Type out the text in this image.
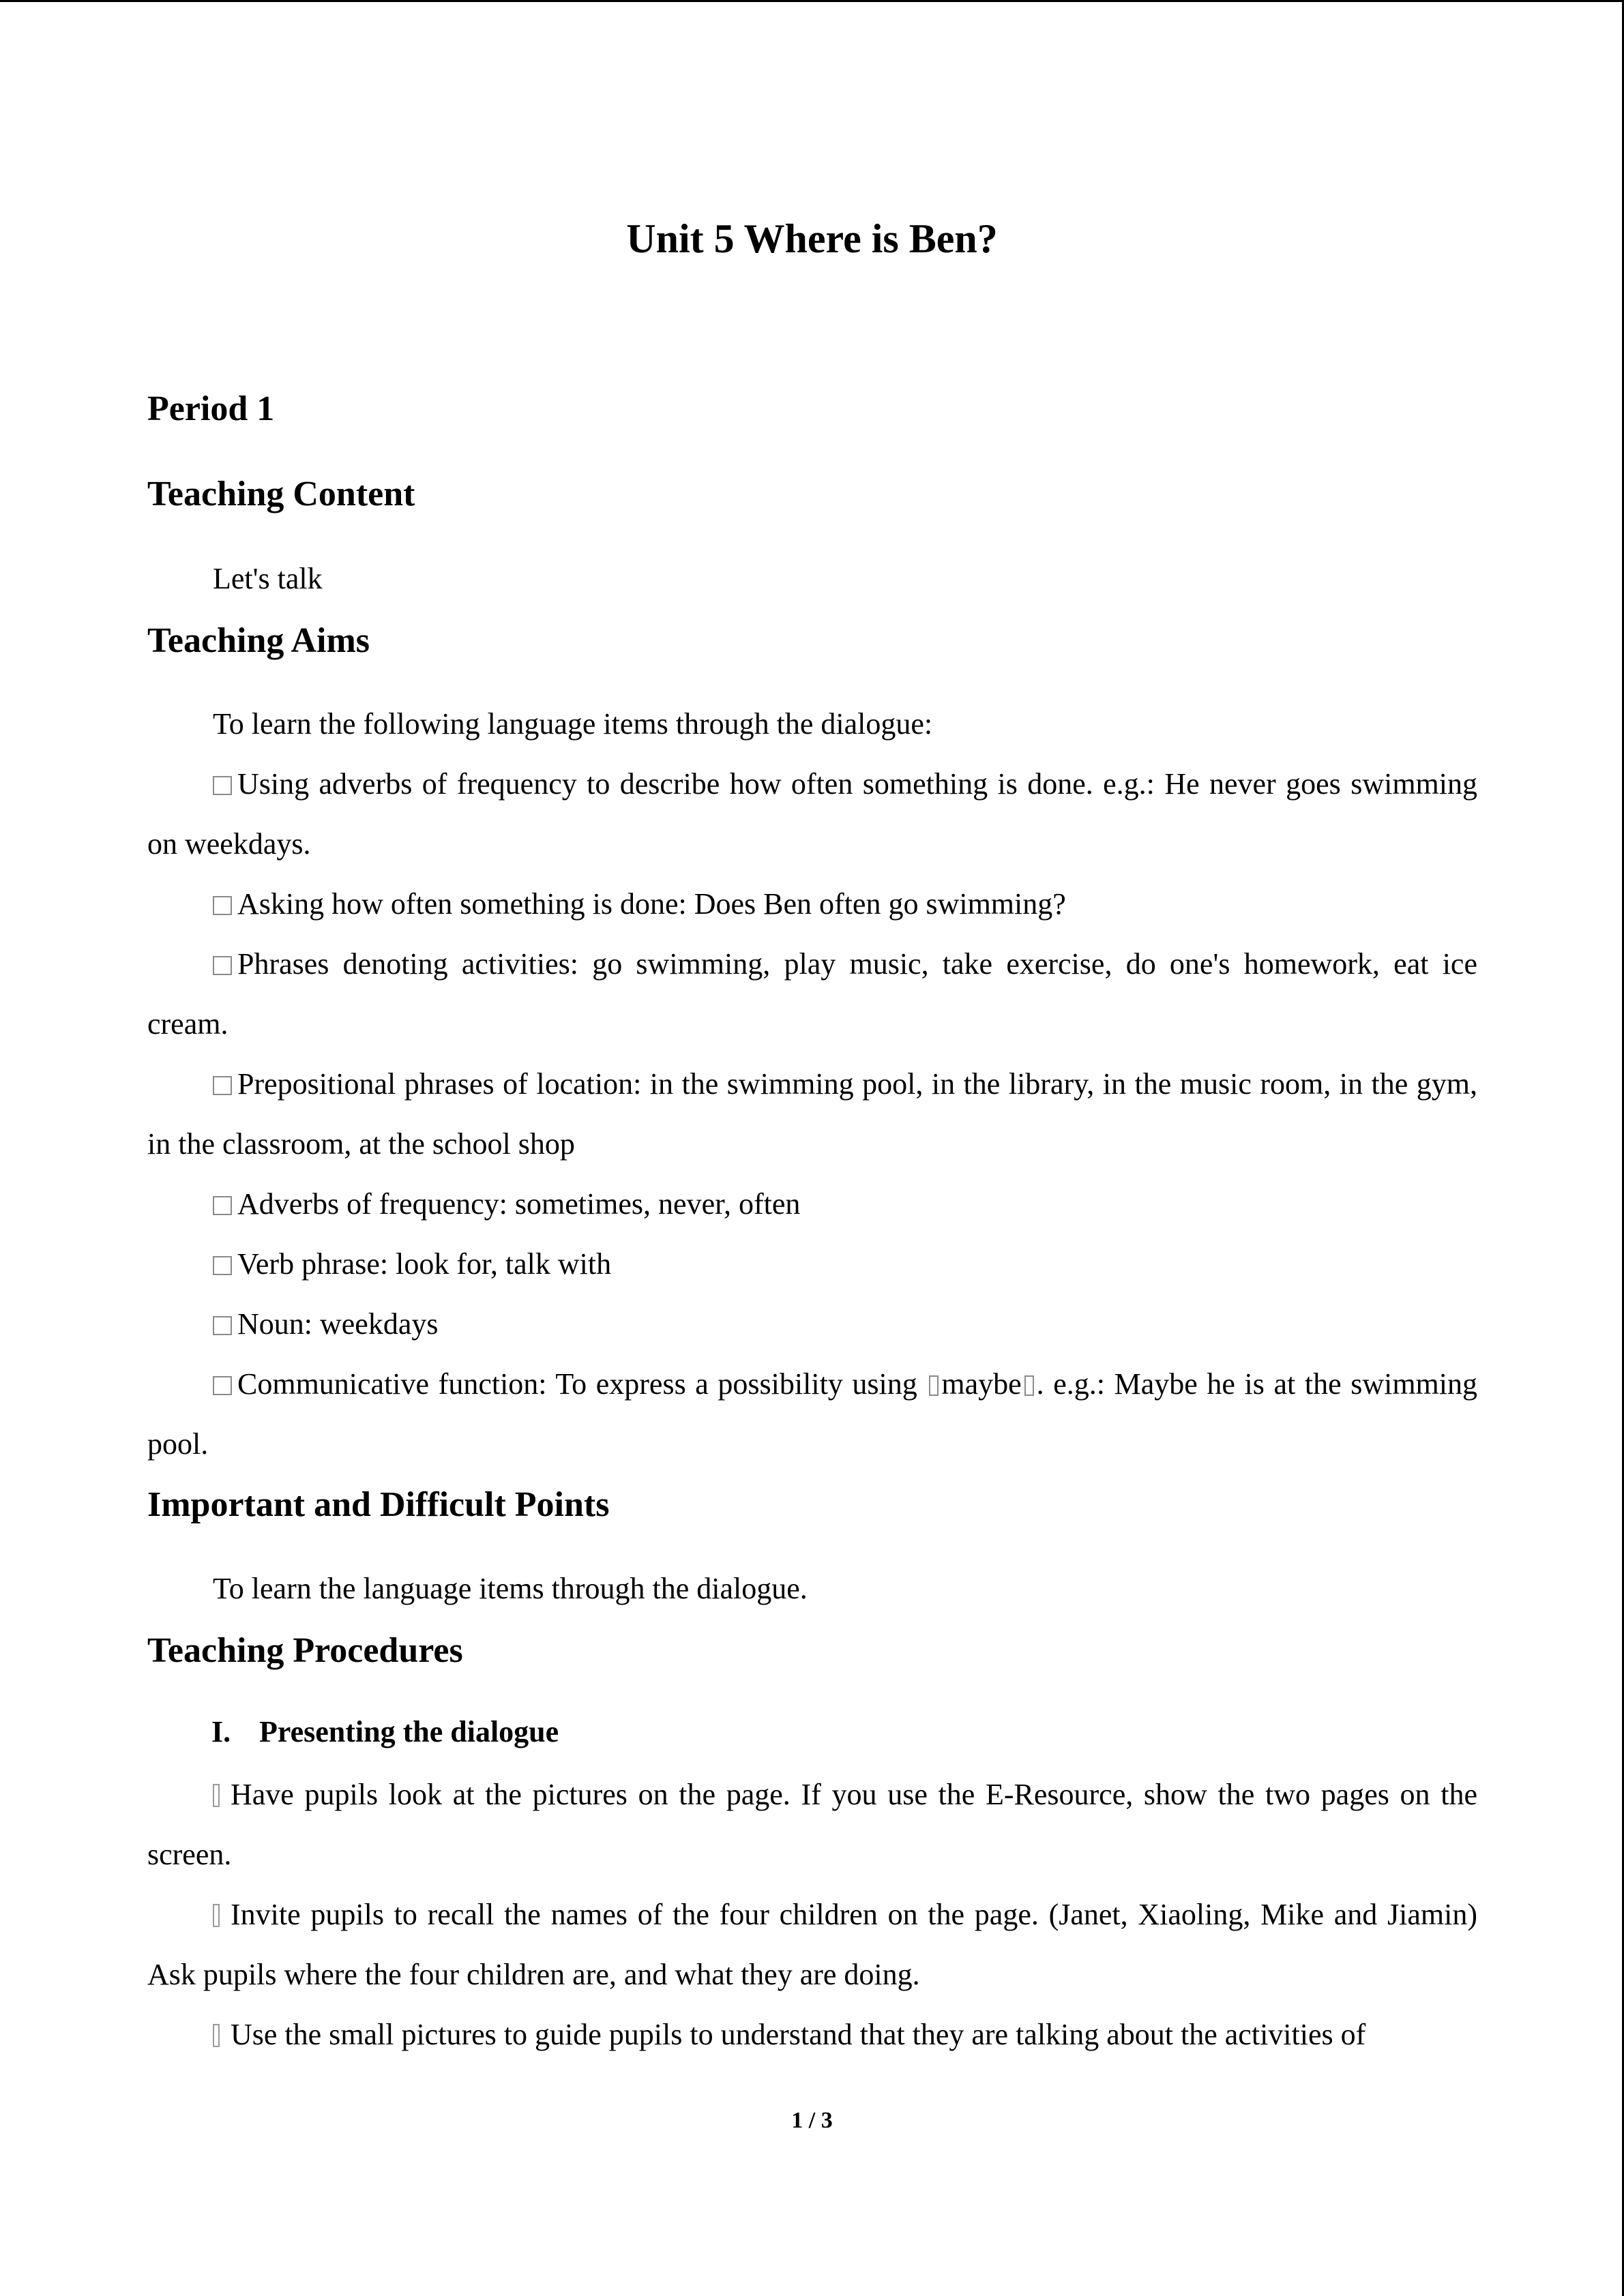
Unit 5 Where is Ben?
Period 1
Teaching Content
Let's talk
Teaching Aims
To learn the following language items through the dialogue:
Using adverbs of frequency to describe how often something is done. e.g.: He never goes swimming on weekdays.
Asking how often something is done: Does Ben often go swimming?
Phrases denoting activities: go swimming, play music, take exercise, do one's homework, eat ice cream.
Prepositional phrases of location: in the swimming pool, in the library, in the music room, in the gym, in the classroom, at the school shop
Adverbs of frequency: sometimes, never, often
Verb phrase: look for, talk with
Noun: weekdays
Communicative function: To express a possibility using maybe . e.g.: Maybe he is at the swimming pool.
Important and Difficult Points
To learn the language items through the dialogue.
Teaching Procedures
I. Presenting the dialogue
Have pupils look at the pictures on the page. If you use the E-Resource, show the two pages on the screen.
Invite pupils to recall the names of the four children on the page. (Janet, Xiaoling, Mike and Jiamin) Ask pupils where the four children are, and what they are doing.
Use the small pictures to guide pupils to understand that they are talking about the activities of
1 / 3
